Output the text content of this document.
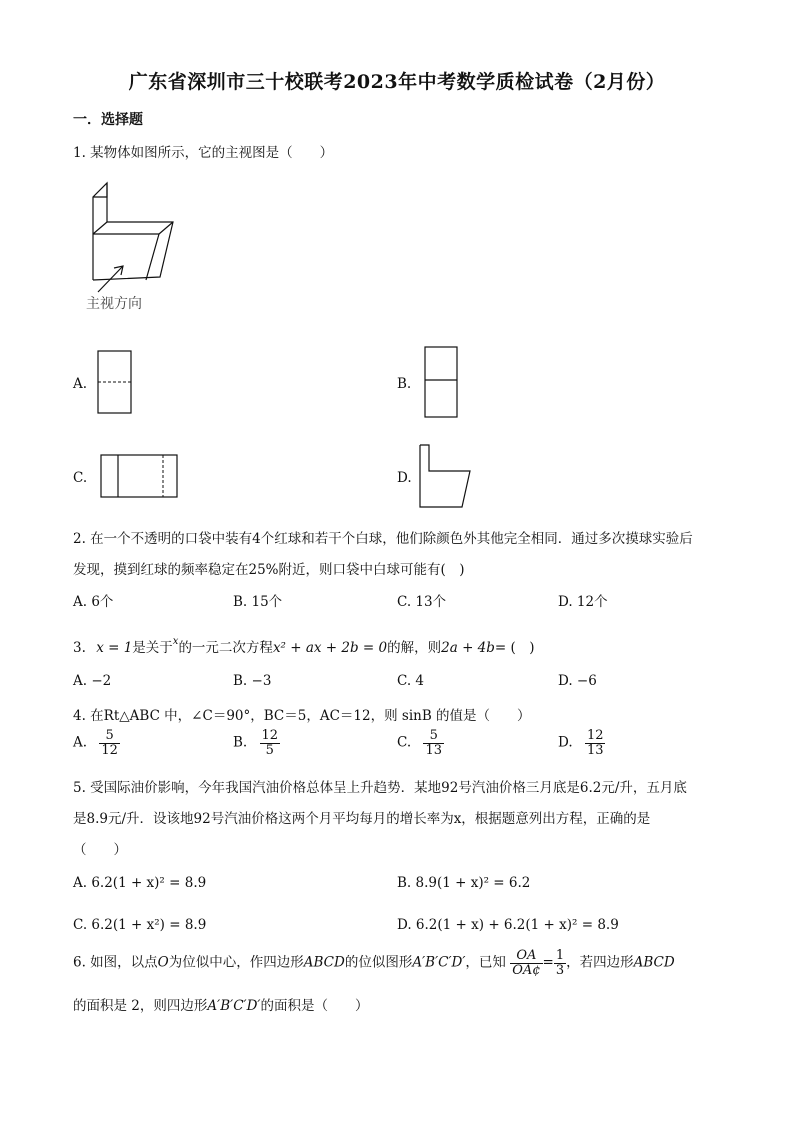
广东省深圳市三十校联考2023年中考数学质检试卷（2月份）
一．选择题
1. 某物体如图所示，它的主视图是（　　）
主视方向
A.	B.
C.	D.
2. 在一个不透明的口袋中装有4个红球和若干个白球，他们除颜色外其他完全相同．通过多次摸球实验后
发现，摸到红球的频率稳定在25%附近，则口袋中白球可能有(　)
A. 6个	B. 15个	C. 13个	D. 12个
3. x = 1是关于$^x$的一元二次方程x² + ax + 2b = 0的解，则2a + 4b= (　)
A. −2	B. −3	C. 4	D. −6
4. 在Rt△ABC 中，∠C＝90°，BC＝5，AC＝12，则 sinB 的值是（　　）
A. $\frac{5}{12}$	B. $\frac{12}{5}$	C. $\frac{5}{13}$	D. $\frac{12}{13}$
5. 受国际油价影响，今年我国汽油价格总体呈上升趋势．某地92号汽油价格三月底是6.2元/升，五月底
是8.9元/升．设该地92号汽油价格这两个月平均每月的增长率为x，根据题意列出方程，正确的是
（　　）
A. 6.2(1 + x)² = 8.9	B. 8.9(1 + x)² = 6.2
C. 6.2(1 + x²) = 8.9	D. 6.2(1 + x) + 6.2(1 + x)² = 8.9
6. 如图，以点O为位似中心，作四边形ABCD的位似图形A′B′C′D′，已知 $\frac{OA}{OA¢} = \frac{1}{3}$ ，若四边形ABCD
的面积是 2，则四边形A′B′C′D′的面积是（　　）
